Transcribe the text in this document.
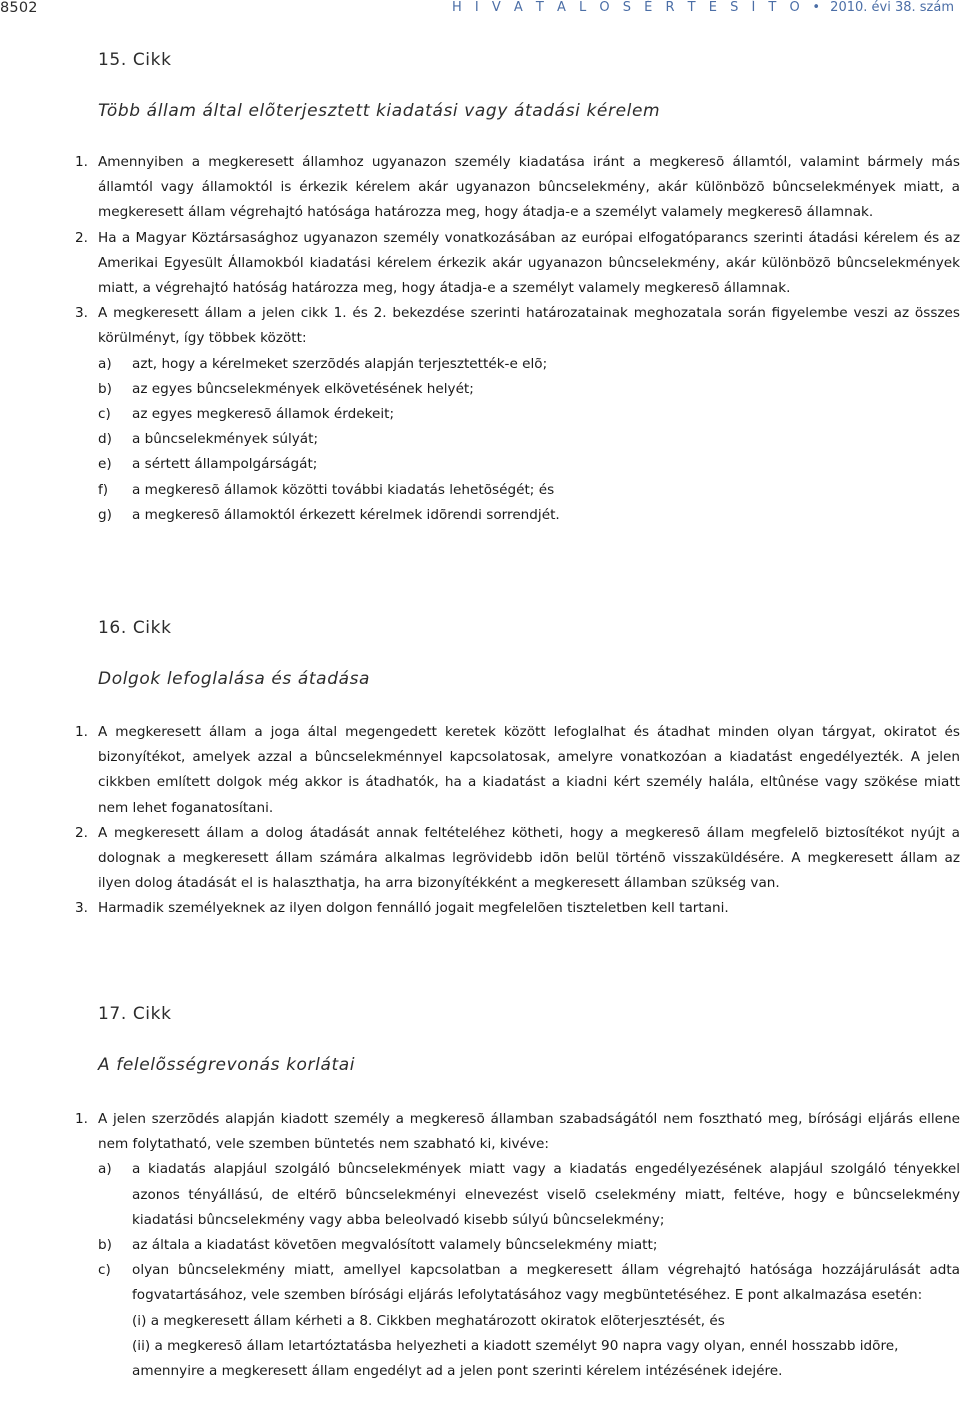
8502	H I V A T A L O S É R T E S Í T Õ • 2010. évi 38. szám
15. Cikk
Több állam által elõterjesztett kiadatási vagy átadási kérelem
1. Amennyiben a megkeresett államhoz ugyanazon személy kiadatása iránt a megkeresõ államtól, valamint bármely más államtól vagy államoktól is érkezik kérelem akár ugyanazon bûncselekmény, akár különbözõ bûncselekmények miatt, a megkeresett állam végrehajtó hatósága határozza meg, hogy átadja-e a személyt valamely megkeresõ államnak.
2. Ha a Magyar Köztársasághoz ugyanazon személy vonatkozásában az európai elfogatóparancs szerinti átadási kérelem és az Amerikai Egyesült Államokból kiadatási kérelem érkezik akár ugyanazon bûncselekmény, akár különbözõ bûncselekmények miatt, a végrehajtó hatóság határozza meg, hogy átadja-e a személyt valamely megkeresõ államnak.
3. A megkeresett állam a jelen cikk 1. és 2. bekezdése szerinti határozatainak meghozatala során figyelembe veszi az összes körülményt, így többek között:
a)	azt, hogy a kérelmeket szerzõdés alapján terjesztették-e elõ;
b)	az egyes bûncselekmények elkövetésének helyét;
c)	az egyes megkeresõ államok érdekeit;
d)	a bûncselekmények súlyát;
e)	a sértett állampolgárságát;
f)	a megkeresõ államok közötti további kiadatás lehetõségét; és
g)	a megkeresõ államoktól érkezett kérelmek idõrendi sorrendjét.
16. Cikk
Dolgok lefoglalása és átadása
1. A megkeresett állam a joga által megengedett keretek között lefoglalhat és átadhat minden olyan tárgyat, okiratot és bizonyítékot, amelyek azzal a bûncselekménnyel kapcsolatosak, amelyre vonatkozóan a kiadatást engedélyezték. A jelen cikkben említett dolgok még akkor is átadhatók, ha a kiadatást a kiadni kért személy halála, eltûnése vagy szökése miatt nem lehet foganatosítani.
2. A megkeresett állam a dolog átadását annak feltételéhez kötheti, hogy a megkeresõ állam megfelelõ biztosítékot nyújt a dolognak a megkeresett állam számára alkalmas legrövidebb idõn belül történõ visszaküldésére. A megkeresett állam az ilyen dolog átadását el is halaszthatja, ha arra bizonyítékként a megkeresett államban szükség van.
3. Harmadik személyeknek az ilyen dolgon fennálló jogait megfelelõen tiszteletben kell tartani.
17. Cikk
A felelõsségrevonás korlátai
1. A jelen szerzõdés alapján kiadott személy a megkeresõ államban szabadságától nem fosztható meg, bírósági eljárás ellene nem folytatható, vele szemben büntetés nem szabható ki, kivéve:
a)	a kiadatás alapjául szolgáló bûncselekmények miatt vagy a kiadatás engedélyezésének alapjául szolgáló tényekkel azonos tényállású, de eltérõ bûncselekményi elnevezést viselõ cselekmény miatt, feltéve, hogy e bûncselekmény kiadatási bûncselekmény vagy abba beleolvadó kisebb súlyú bûncselekmény;
b)	az általa a kiadatást követõen megvalósított valamely bûncselekmény miatt;
c)	olyan bûncselekmény miatt, amellyel kapcsolatban a megkeresett állam végrehajtó hatósága hozzájárulását adta fogvatartásához, vele szemben bírósági eljárás lefolytatásához vagy megbüntetéséhez. E pont alkalmazása esetén:
(i) a megkeresett állam kérheti a 8. Cikkben meghatározott okiratok elõterjesztését, és
(ii) a megkeresõ állam letartóztatásba helyezheti a kiadott személyt 90 napra vagy olyan, ennél hosszabb idõre, amennyire a megkeresett állam engedélyt ad a jelen pont szerinti kérelem intézésének idejére.
